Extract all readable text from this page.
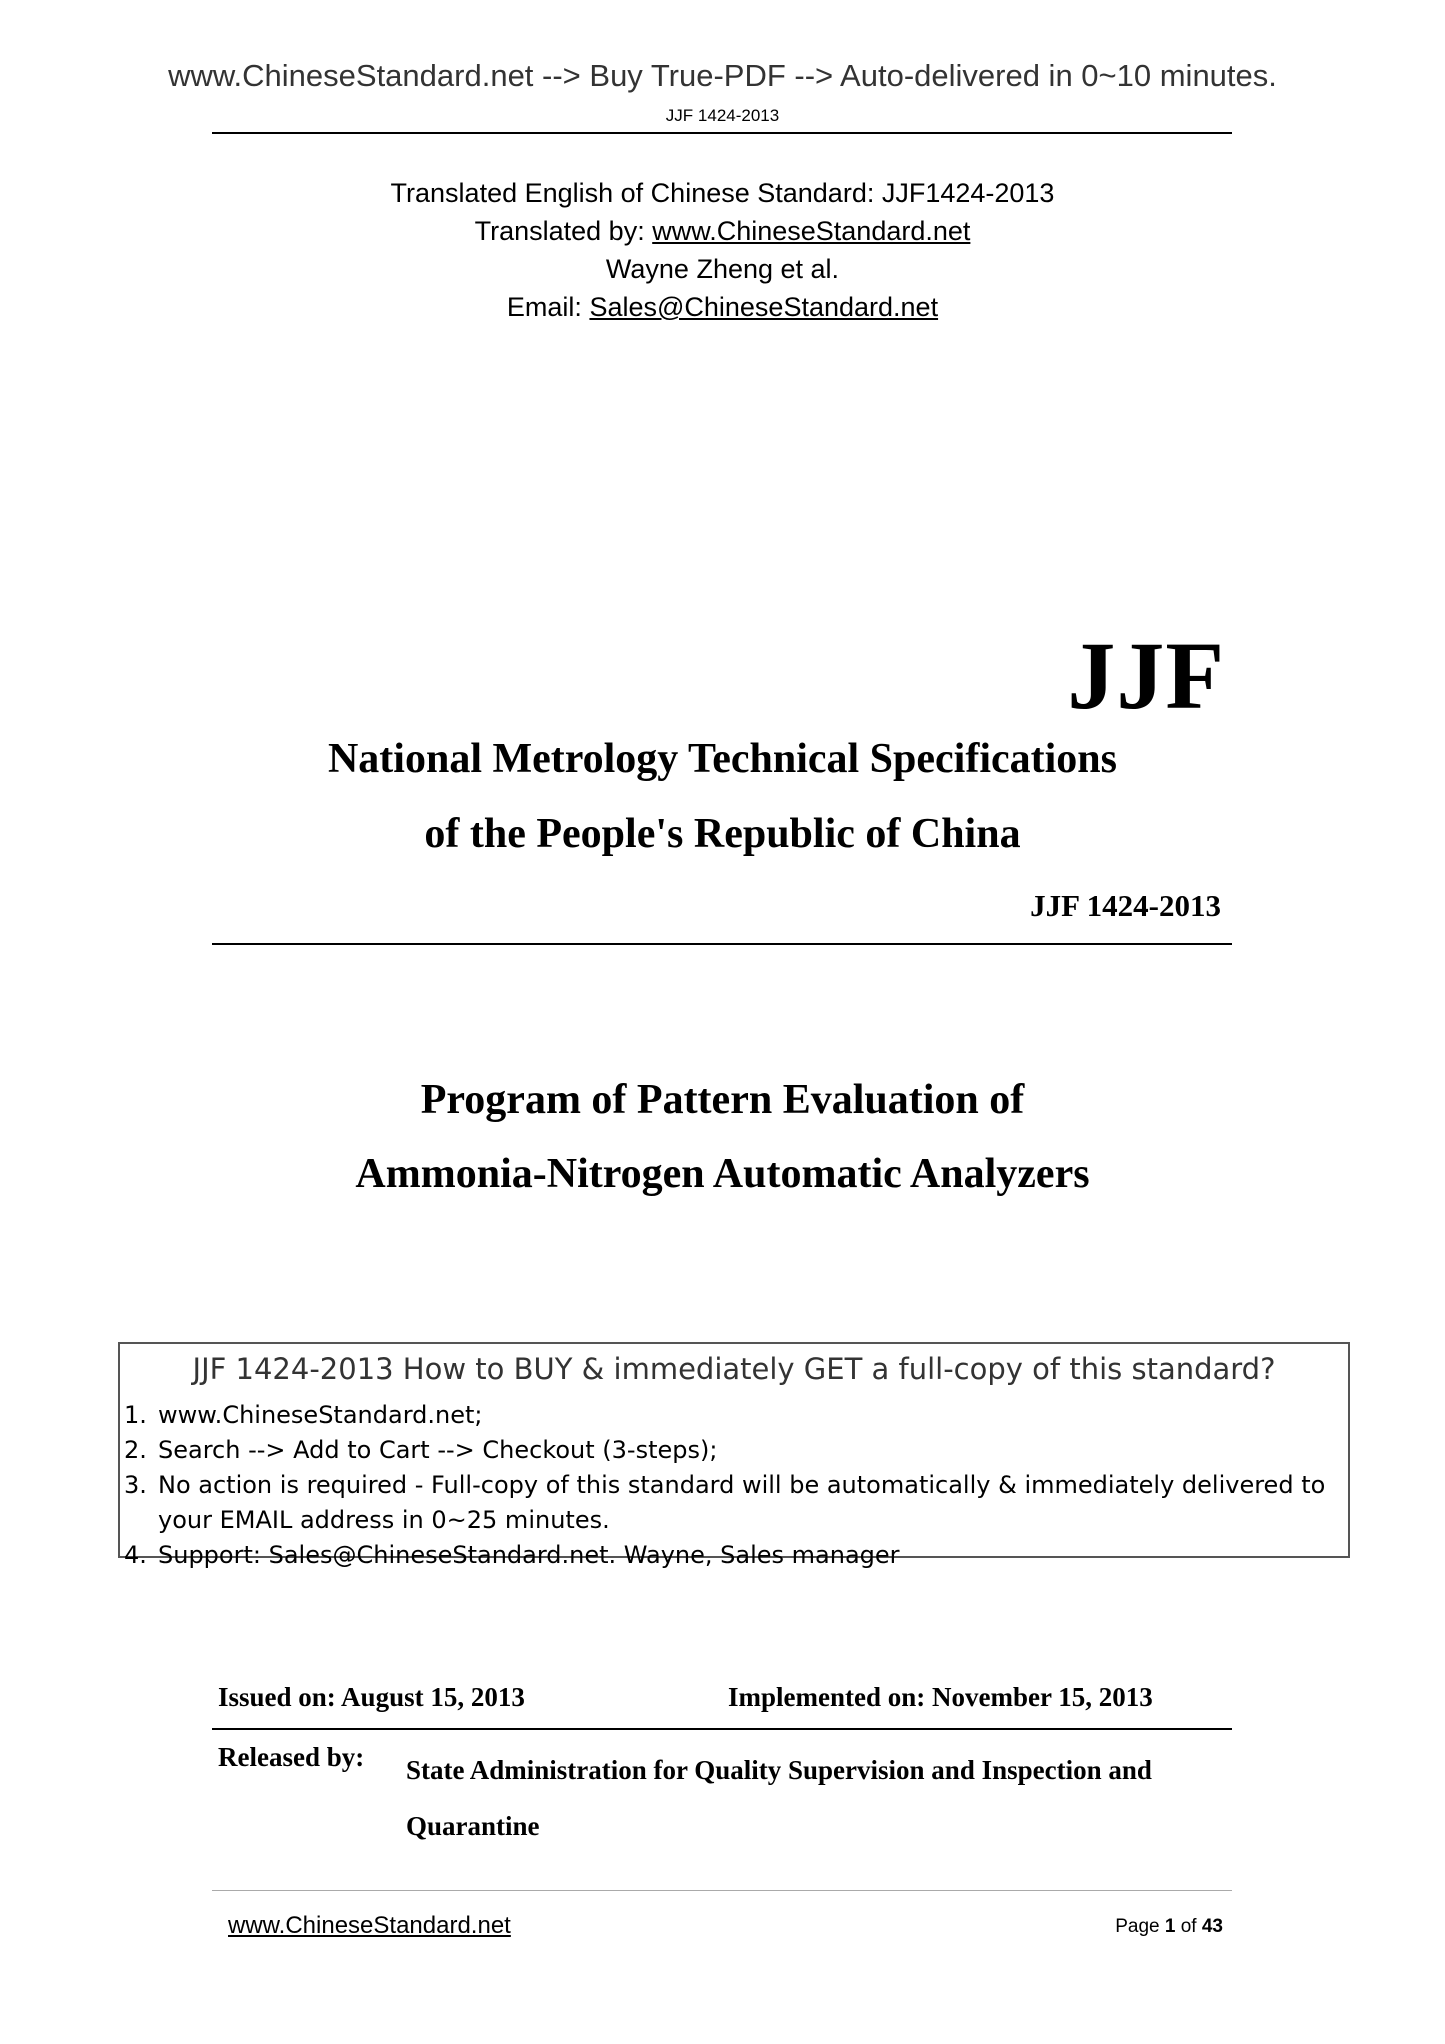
www.ChineseStandard.net --> Buy True-PDF --> Auto-delivered in 0~10 minutes.
JJF 1424-2013
Translated English of Chinese Standard: JJF1424-2013
Translated by: www.ChineseStandard.net
Wayne Zheng et al.
Email: Sales@ChineseStandard.net
JJF
National Metrology Technical Specifications
of the People's Republic of China
JJF 1424-2013
Program of Pattern Evaluation of
Ammonia-Nitrogen Automatic Analyzers
JJF 1424-2013 How to BUY & immediately GET a full-copy of this standard?
1. www.ChineseStandard.net;
2. Search --> Add to Cart --> Checkout (3-steps);
3. No action is required - Full-copy of this standard will be automatically & immediately delivered to your EMAIL address in 0~25 minutes.
4. Support: Sales@ChineseStandard.net. Wayne, Sales manager
Issued on: August 15, 2013	Implemented on: November 15, 2013
Released by: State Administration for Quality Supervision and Inspection and Quarantine
www.ChineseStandard.net	Page 1 of 43
